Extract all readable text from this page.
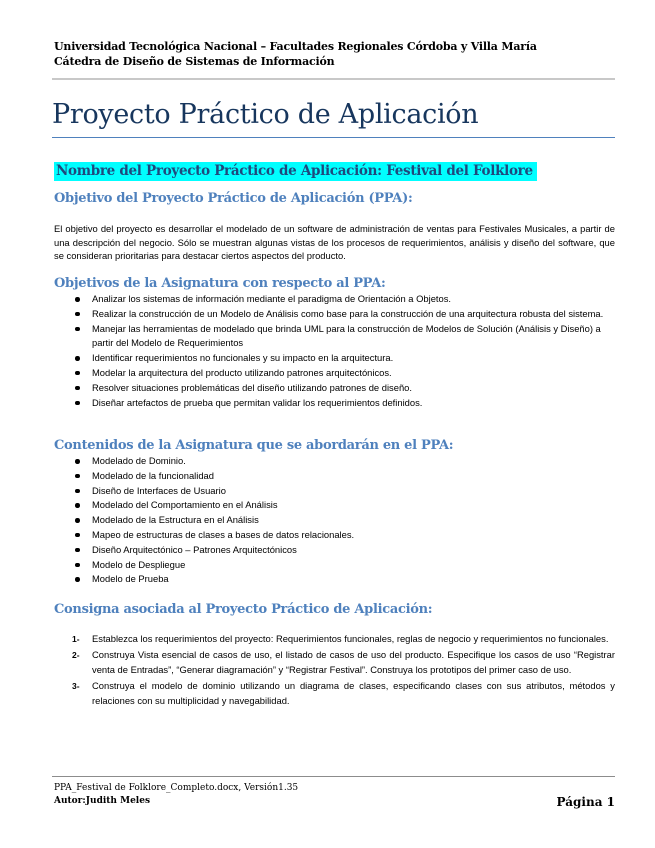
Universidad Tecnológica Nacional – Facultades Regionales Córdoba y Villa María
Cátedra de Diseño de Sistemas de Información
Proyecto Práctico de Aplicación
Nombre del Proyecto Práctico de Aplicación: Festival del Folklore
Objetivo del Proyecto Práctico de Aplicación (PPA):

El objetivo del proyecto es desarrollar el modelado de un software de administración de ventas para Festivales Musicales, a partir de una descripción del negocio. Sólo se muestran algunas vistas de los procesos de requerimientos, análisis y diseño del software, que se consideran prioritarias para destacar ciertos aspectos del producto.

Objetivos de la Asignatura con respecto al PPA:
Analizar los sistemas de información mediante el paradigma de Orientación a Objetos.
Realizar la construcción de un Modelo de Análisis como base para la construcción de una arquitectura robusta del sistema.
Manejar las herramientas de modelado que brinda UML para la construcción de Modelos de Solución (Análisis y Diseño) a partir del Modelo de Requerimientos
Identificar requerimientos no funcionales y su impacto en la arquitectura.
Modelar la arquitectura del producto utilizando patrones arquitectónicos.
Resolver situaciones problemáticas del diseño utilizando patrones de diseño.
Diseñar artefactos de prueba que permitan validar los requerimientos definidos.
Contenidos de la Asignatura que se abordarán en el PPA:
Modelado de Dominio.
Modelado de la funcionalidad
Diseño de Interfaces de Usuario
Modelado del Comportamiento en el Análisis
Modelado de la Estructura en el Análisis
Mapeo de estructuras de clases a bases de datos relacionales.
Diseño Arquitectónico – Patrones Arquitectónicos
Modelo de Despliegue
Modelo de Prueba
Consigna asociada al Proyecto Práctico de Aplicación:
1- Establezca los requerimientos del proyecto: Requerimientos funcionales, reglas de negocio y requerimientos no funcionales.
2- Construya Vista esencial de casos de uso, el listado de casos de uso del producto. Especifique los casos de uso “Registrar venta de Entradas”, “Generar diagramación” y “Registrar Festival”. Construya los prototipos del primer caso de uso.
3- Construya el modelo de dominio utilizando un diagrama de clases, especificando clases con sus atributos, métodos y relaciones con su multiplicidad y navegabilidad.
PPA_Festival de Folklore_Completo.docx, Versión1.35
Autor:Judith Meles	Página 1
